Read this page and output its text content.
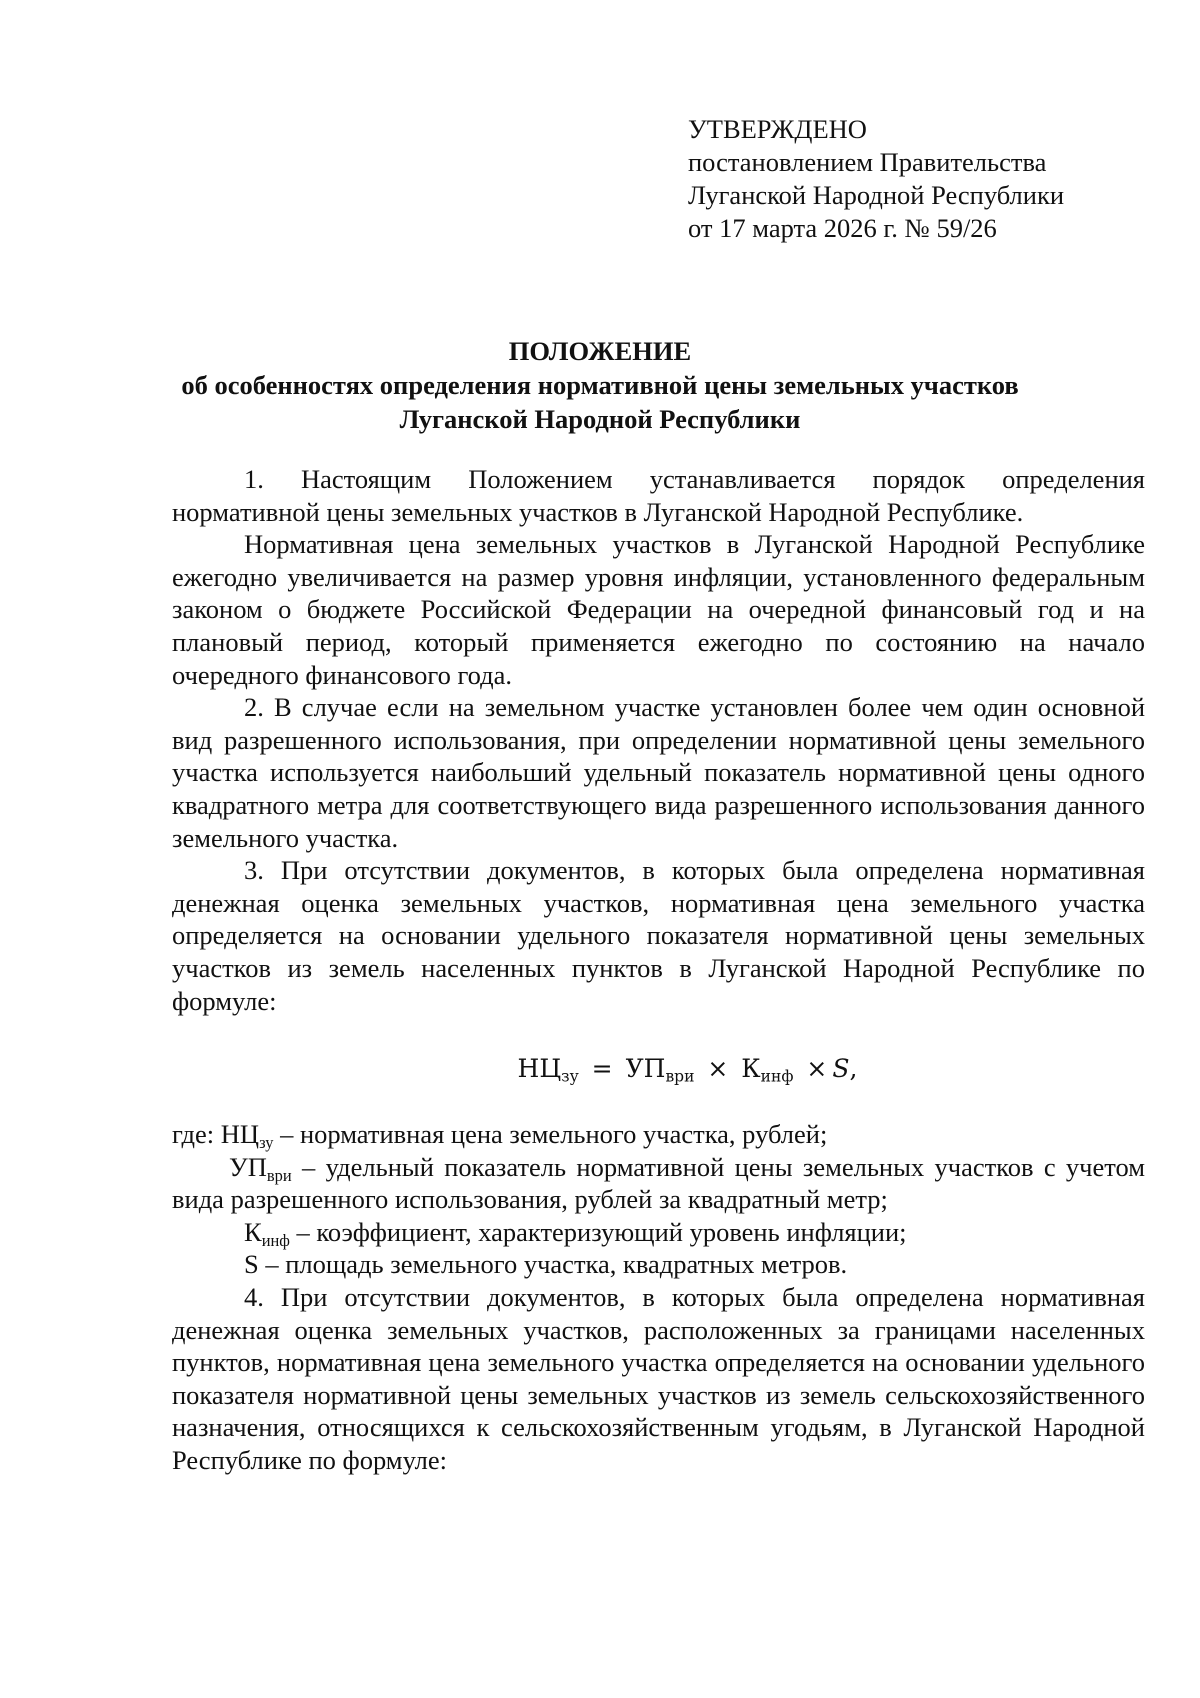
УТВЕРЖДЕНО
постановлением Правительства
Луганской Народной Республики
от 17 марта 2026 г. № 59/26
ПОЛОЖЕНИЕ
об особенностях определения нормативной цены земельных участков
Луганской Народной Республики

1. Настоящим Положением устанавливается порядок определения нормативной цены земельных участков в Луганской Народной Республике.

Нормативная цена земельных участков в Луганской Народной Республике ежегодно увеличивается на размер уровня инфляции, установленного федеральным законом о бюджете Российской Федерации на очередной финансовый год и на плановый период, который применяется ежегодно по состоянию на начало очередного финансового года.

2. В случае если на земельном участке установлен более чем один основной вид разрешенного использования, при определении нормативной цены земельного участка используется наибольший удельный показатель нормативной цены одного квадратного метра для соответствующего вида разрешенного использования данного земельного участка.

3. При отсутствии документов, в которых была определена нормативная денежная оценка земельных участков, нормативная цена земельного участка определяется на основании удельного показателя нормативной цены земельных участков из земель населенных пунктов в Луганской Народной Республике по формуле:

$НЦ_{зу} = УП_{ври} \times К_{инф} \times S$,

где: $НЦ_{зу}$ – нормативная цена земельного участка, рублей;

$УП_{ври}$ – удельный показатель нормативной цены земельных участков с учетом вида разрешенного использования, рублей за квадратный метр;

$К_{инф}$ – коэффициент, характеризующий уровень инфляции;

S – площадь земельного участка, квадратных метров.

4. При отсутствии документов, в которых была определена нормативная денежная оценка земельных участков, расположенных за границами населенных пунктов, нормативная цена земельного участка определяется на основании удельного показателя нормативной цены земельных участков из земель сельскохозяйственного назначения, относящихся к сельскохозяйственным угодьям, в Луганской Народной Республике по формуле:
